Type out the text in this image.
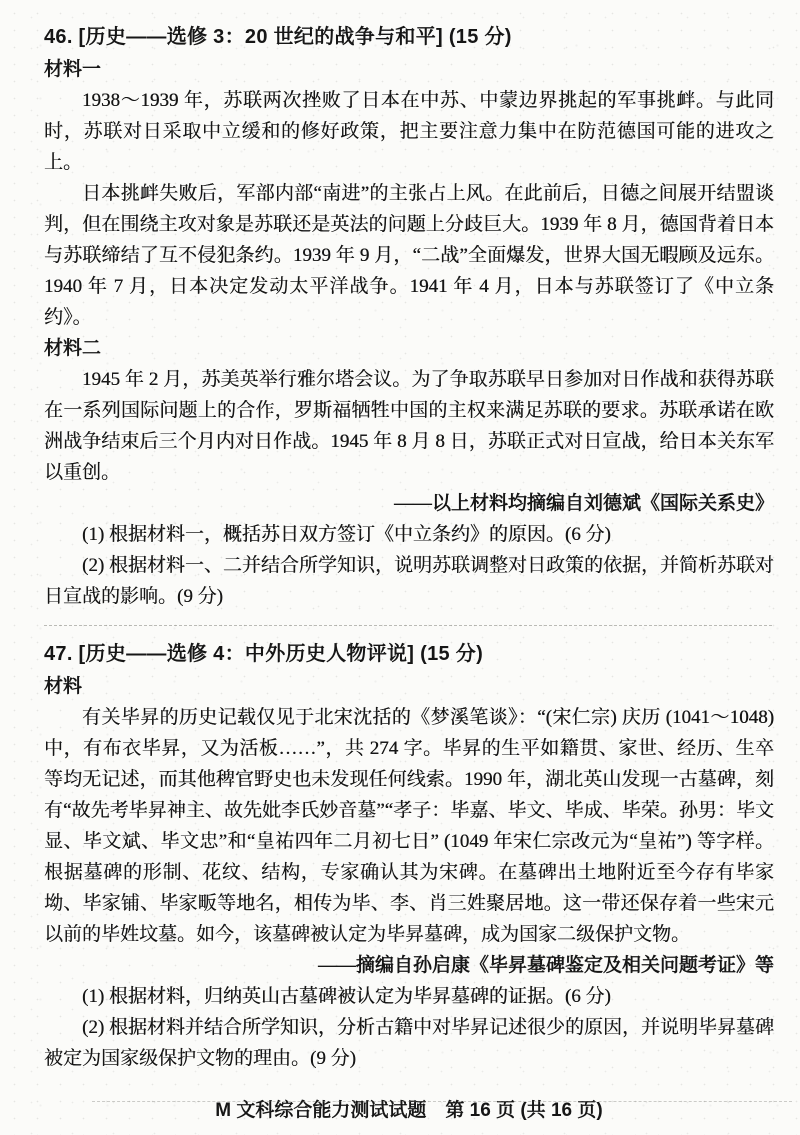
46. [历史——选修 3：20 世纪的战争与和平] (15 分)
材料一
1938～1939 年，苏联两次挫败了日本在中苏、中蒙边界挑起的军事挑衅。与此同时，苏联对日采取中立缓和的修好政策，把主要注意力集中在防范德国可能的进攻之上。
日本挑衅失败后，军部内部“南进”的主张占上风。在此前后，日德之间展开结盟谈判，但在围绕主攻对象是苏联还是英法的问题上分歧巨大。1939 年 8 月，德国背着日本与苏联缔结了互不侵犯条约。1939 年 9 月，“二战”全面爆发，世界大国无暇顾及远东。1940 年 7 月，日本决定发动太平洋战争。1941 年 4 月，日本与苏联签订了《中立条约》。
材料二
1945 年 2 月，苏美英举行雅尔塔会议。为了争取苏联早日参加对日作战和获得苏联在一系列国际问题上的合作，罗斯福牺牲中国的主权来满足苏联的要求。苏联承诺在欧洲战争结束后三个月内对日作战。1945 年 8 月 8 日，苏联正式对日宣战，给日本关东军以重创。
——以上材料均摘编自刘德斌《国际关系史》
(1) 根据材料一，概括苏日双方签订《中立条约》的原因。(6 分)
(2) 根据材料一、二并结合所学知识，说明苏联调整对日政策的依据，并简析苏联对日宣战的影响。(9 分)
47. [历史——选修 4：中外历史人物评说] (15 分)
材料
有关毕昇的历史记载仅见于北宋沈括的《梦溪笔谈》：“(宋仁宗) 庆历 (1041～1048) 中，有布衣毕昇，又为活板……”，共 274 字。毕昇的生平如籍贯、家世、经历、生卒等均无记述，而其他稗官野史也未发现任何线索。1990 年，湖北英山发现一古墓碑，刻有“故先考毕昇神主、故先妣李氏妙音墓”“孝子：毕嘉、毕文、毕成、毕荣。孙男：毕文显、毕文斌、毕文忠”和“皇祐四年二月初七日” (1049 年宋仁宗改元为“皇祐”) 等字样。根据墓碑的形制、花纹、结构，专家确认其为宋碑。在墓碑出土地附近至今存有毕家坳、毕家铺、毕家畈等地名，相传为毕、李、肖三姓聚居地。这一带还保存着一些宋元以前的毕姓坟墓。如今，该墓碑被认定为毕昇墓碑，成为国家二级保护文物。
——摘编自孙启康《毕昇墓碑鉴定及相关问题考证》等
(1) 根据材料，归纳英山古墓碑被认定为毕昇墓碑的证据。(6 分)
(2) 根据材料并结合所学知识，分析古籍中对毕昇记述很少的原因，并说明毕昇墓碑被定为国家级保护文物的理由。(9 分)
M 文科综合能力测试试题　第 16 页 (共 16 页)
